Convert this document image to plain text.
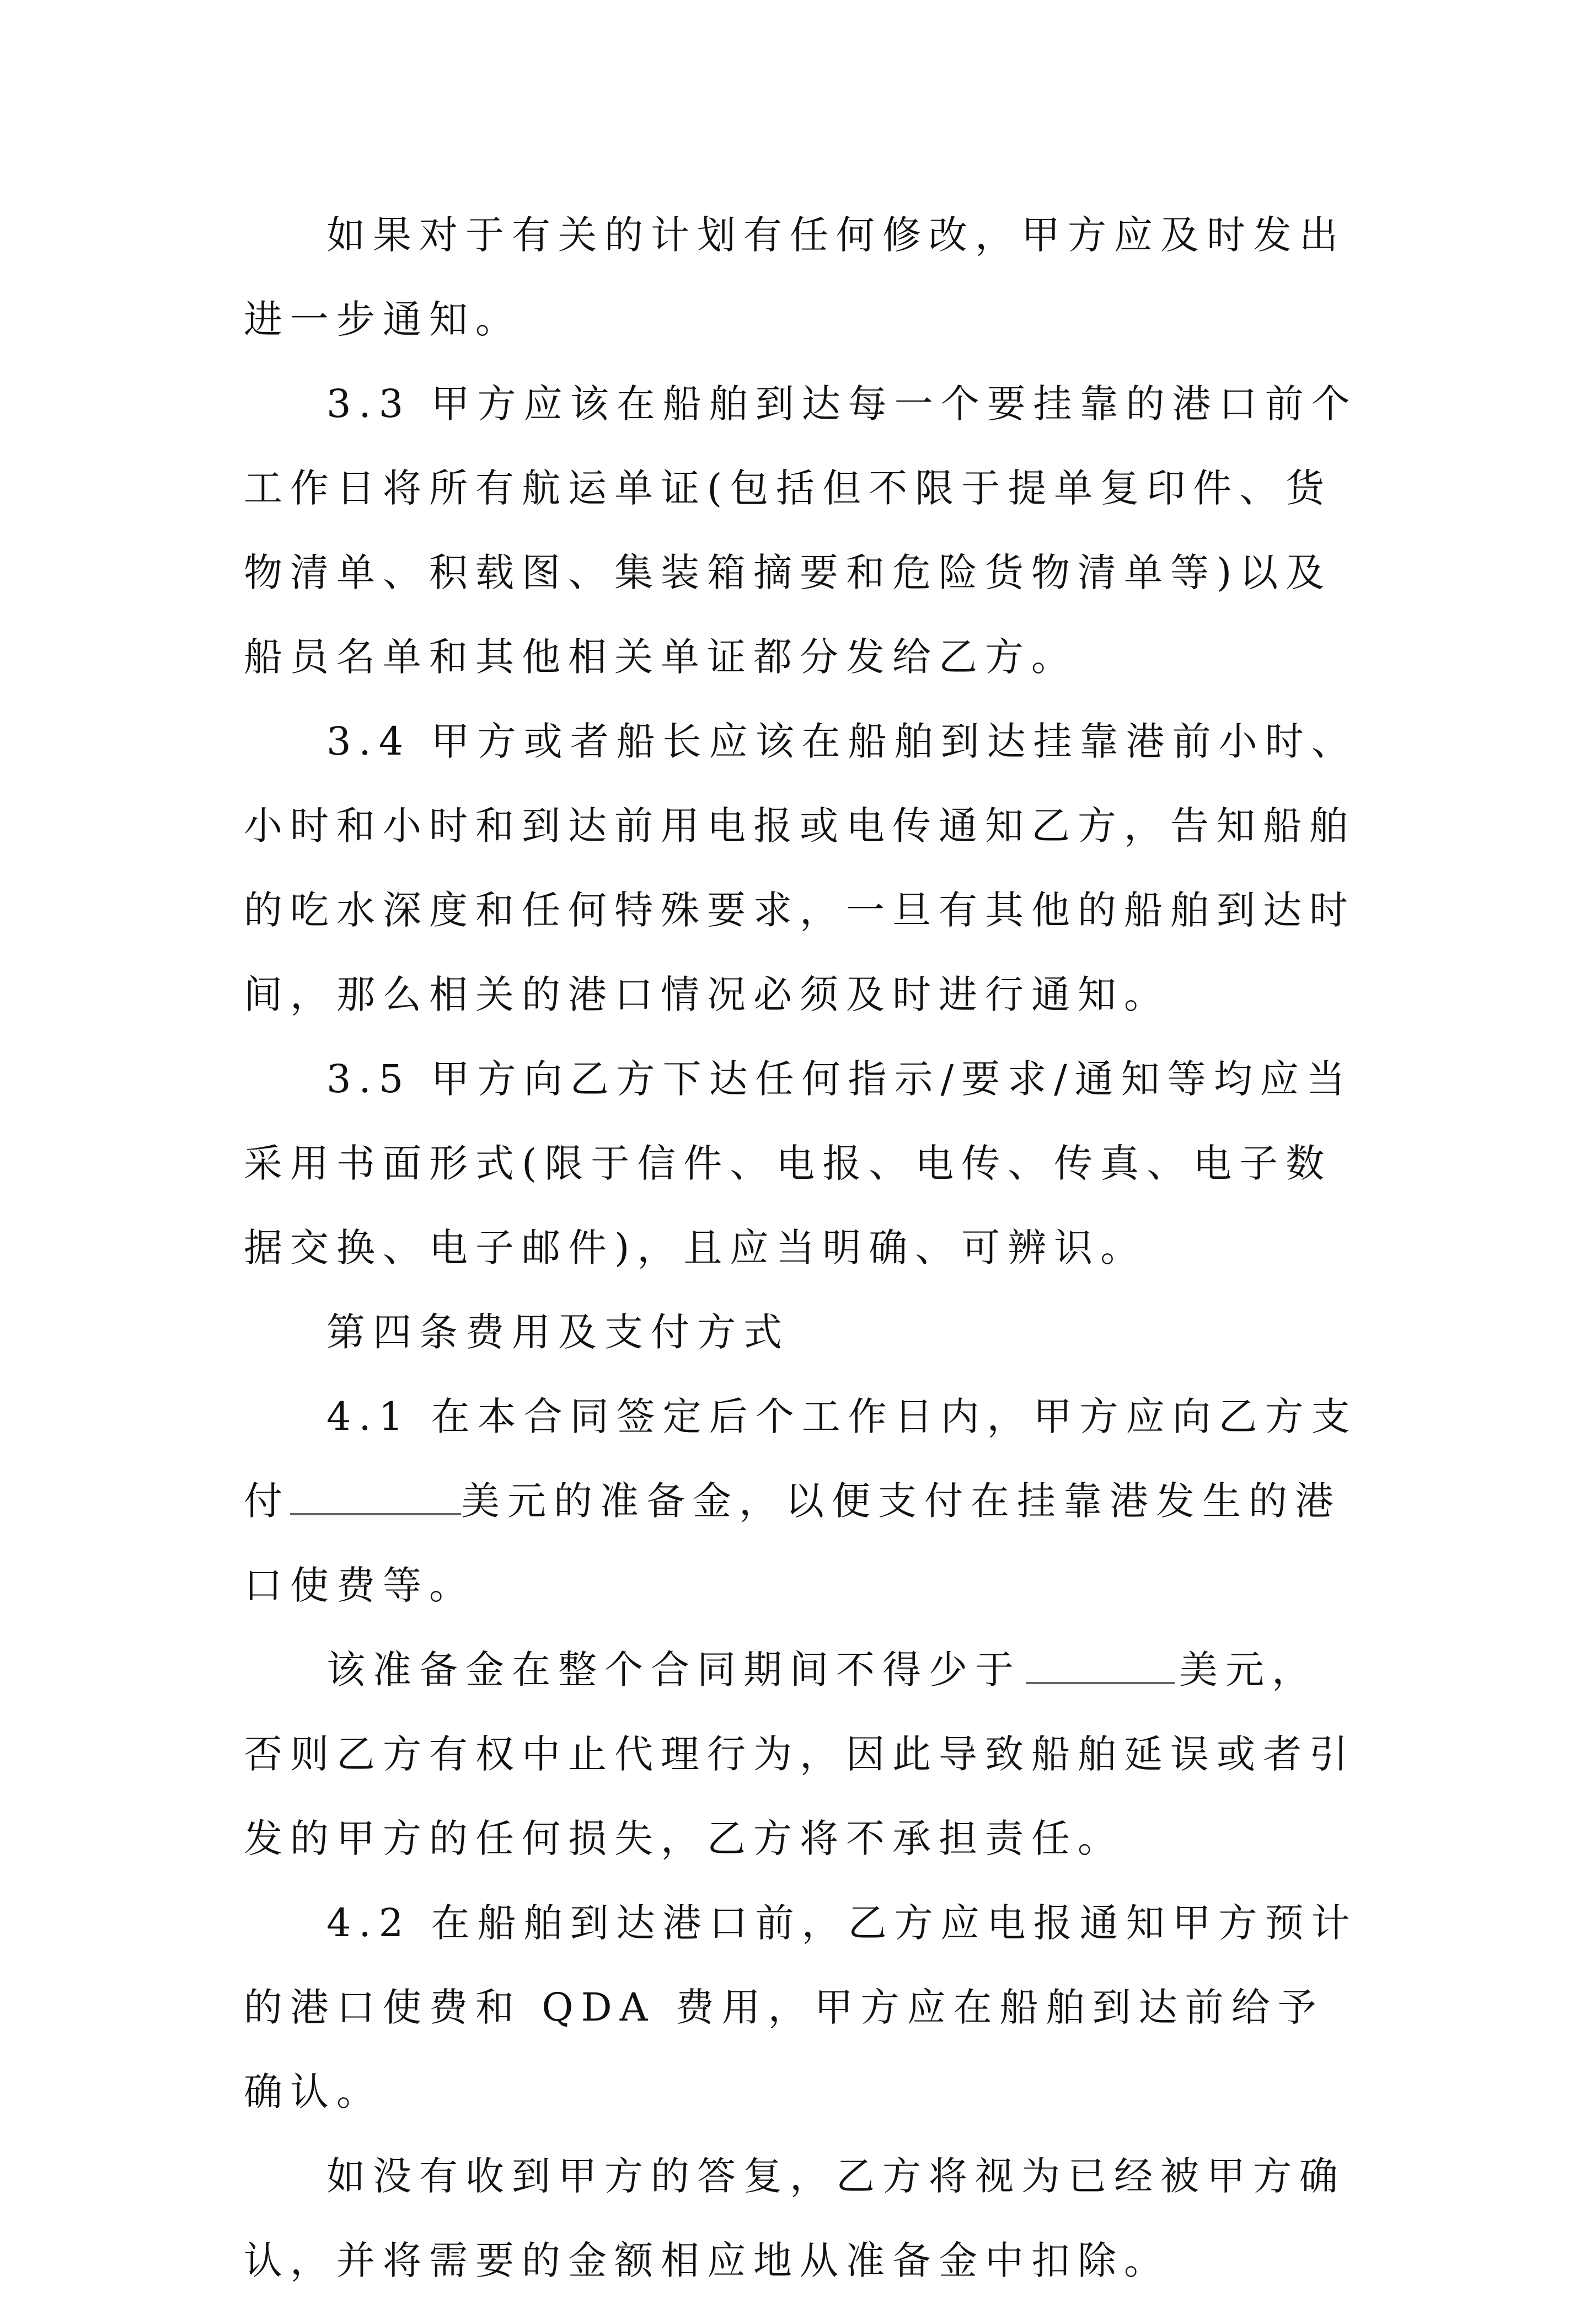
如果对于有关的计划有任何修改，甲方应及时发出进一步通知。

3.3 甲方应该在船舶到达每一个要挂靠的港口前个工作日将所有航运单证(包括但不限于提单复印件、货物清单、积载图、集装箱摘要和危险货物清单等)以及船员名单和其他相关单证都分发给乙方。

3.4 甲方或者船长应该在船舶到达挂靠港前小时、小时和小时和到达前用电报或电传通知乙方，告知船舶的吃水深度和任何特殊要求，一旦有其他的船舶到达时间，那么相关的港口情况必须及时进行通知。

3.5 甲方向乙方下达任何指示/要求/通知等均应当采用书面形式(限于信件、电报、电传、传真、电子数据交换、电子邮件)，且应当明确、可辨识。

第四条费用及支付方式

4.1 在本合同签定后个工作日内，甲方应向乙方支付	美元的准备金，以便支付在挂靠港发生的港口使费等。

该准备金在整个合同期间不得少于	美元，否则乙方有权中止代理行为，因此导致船舶延误或者引发的甲方的任何损失，乙方将不承担责任。

4.2 在船舶到达港口前，乙方应电报通知甲方预计的港口使费和 QDA 费用，甲方应在船舶到达前给予确认。

如没有收到甲方的答复，乙方将视为已经被甲方确认，并将需要的金额相应地从准备金中扣除。
